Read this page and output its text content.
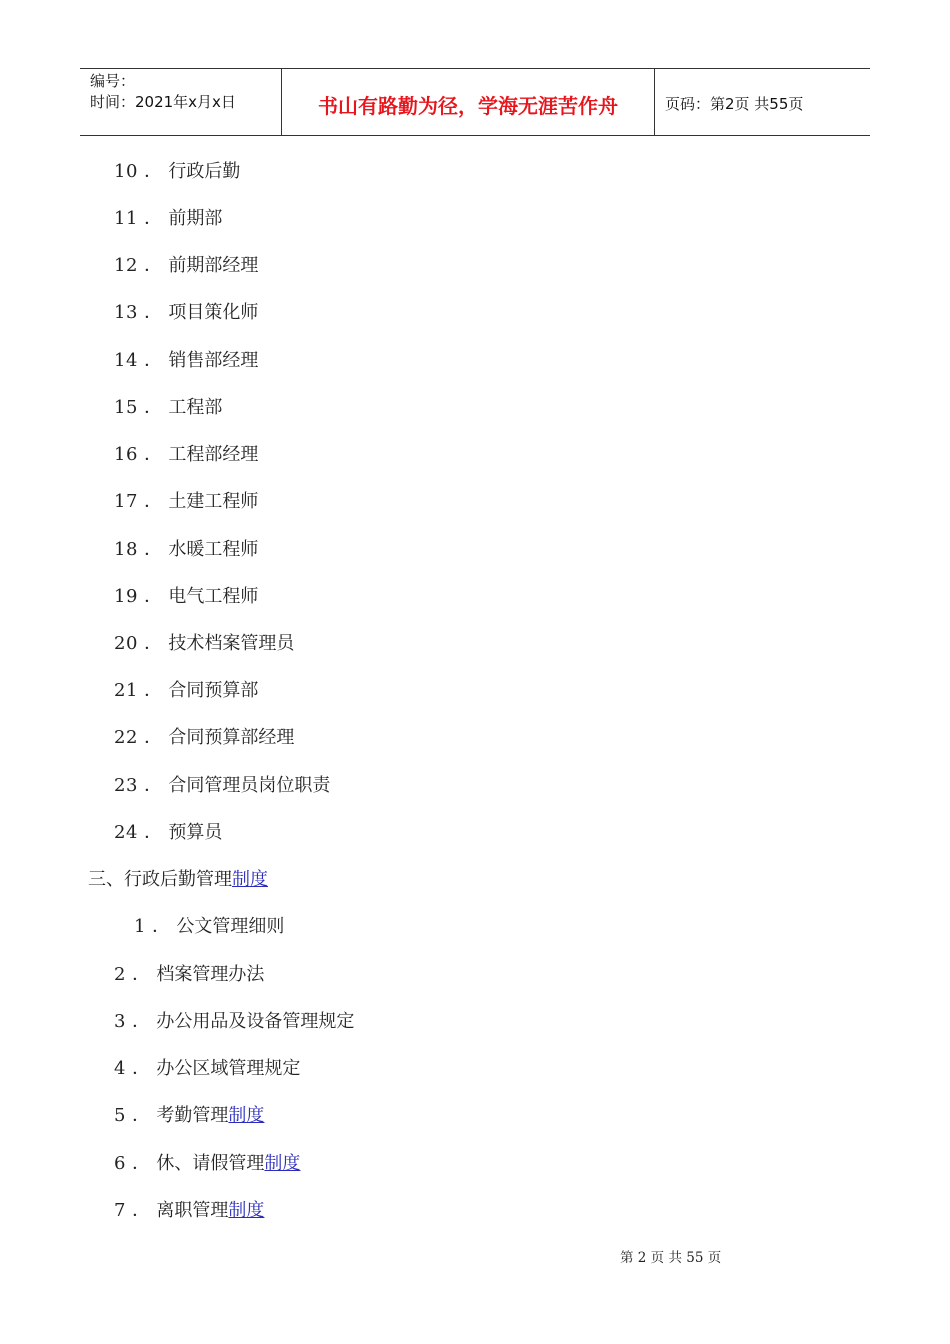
编号：
时间：2021年x月x日	书山有路勤为径，学海无涯苦作舟	页码：第2页 共55页
10 ． 行政后勤
11 ． 前期部
12 ． 前期部经理
13 ． 项目策化师
14 ． 销售部经理
15 ． 工程部
16 ． 工程部经理
17 ． 土建工程师
18 ． 水暖工程师
19 ． 电气工程师
20 ． 技术档案管理员
21 ． 合同预算部
22 ． 合同预算部经理
23 ． 合同管理员岗位职责
24 ． 预算员
三、行政后勤管理制度
1 ． 公文管理细则
2 ． 档案管理办法
3 ． 办公用品及设备管理规定
4 ． 办公区域管理规定
5 ． 考勤管理制度
6 ． 休、请假管理制度
7 ． 离职管理制度
第 2 页 共 55 页
